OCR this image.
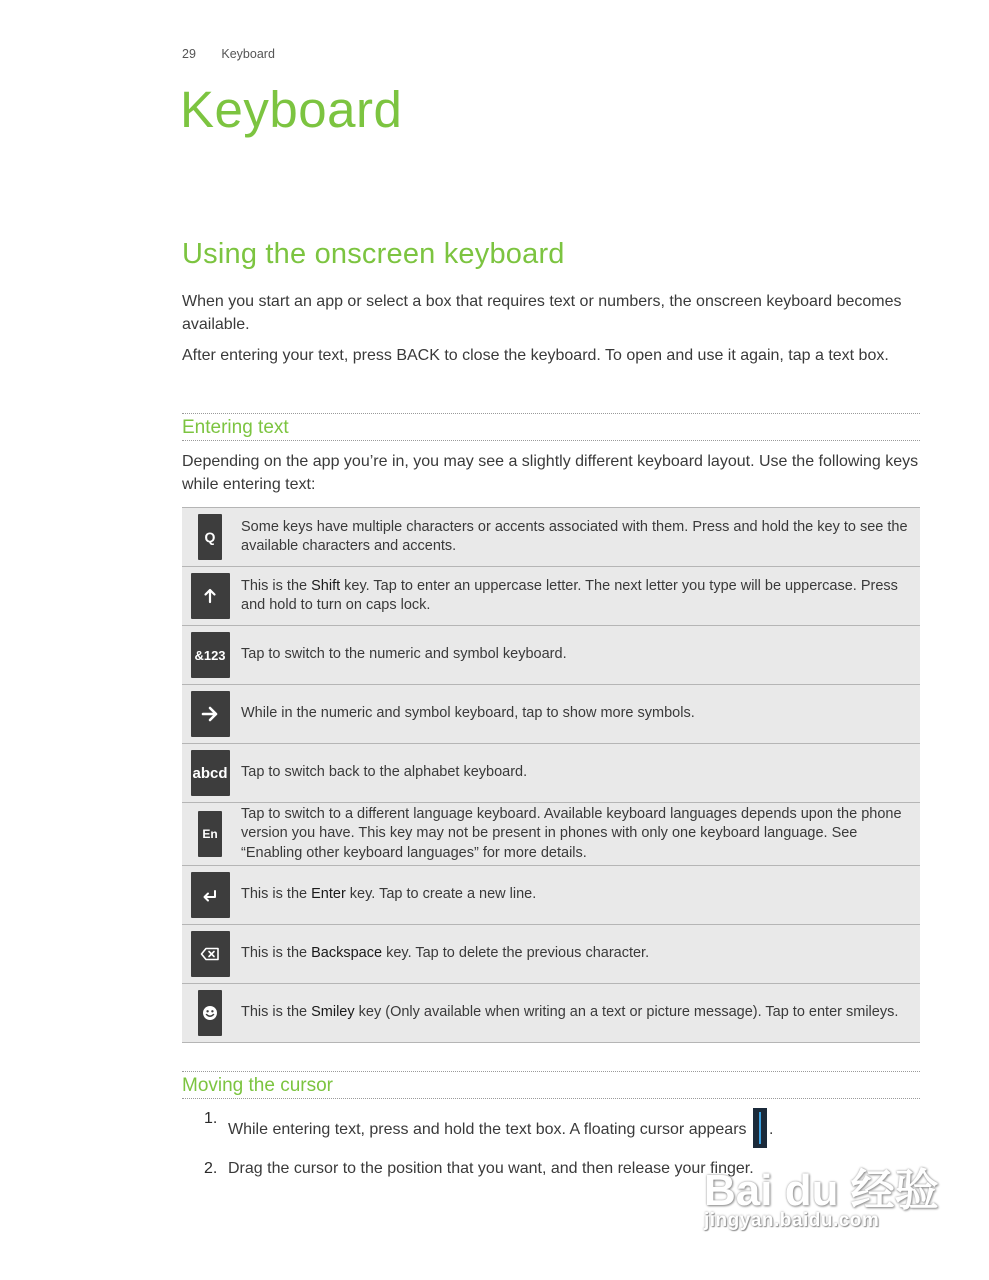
29 Keyboard
Keyboard
Using the onscreen keyboard

When you start an app or select a box that requires text or numbers, the onscreen keyboard becomes available.

After entering your text, press BACK to close the keyboard. To open and use it again, tap a text box.

Entering text

Depending on the app you’re in, you may see a slightly different keyboard layout. Use the following keys while entering text:

Q
Some keys have multiple characters or accents associated with them. Press and hold the key to see the available characters and accents.
This is the Shift key. Tap to enter an uppercase letter. The next letter you type will be uppercase. Press and hold to turn on caps lock.
&123 Tap to switch to the numeric and symbol keyboard.
While in the numeric and symbol keyboard, tap to show more symbols.
abcd Tap to switch back to the alphabet keyboard.
En
Tap to switch to a different language keyboard. Available keyboard languages depends upon the phone version you have. This key may not be present in phones with only one keyboard language. See “Enabling other keyboard languages” for more details.
This is the Enter key. Tap to create a new line.
This is the Backspace key. Tap to delete the previous character.
This is the Smiley key (Only available when writing an a text or picture message). Tap to enter smileys.
Moving the cursor
1.
While entering text, press and hold the text box. A floating cursor appears .
2. Drag the cursor to the position that you want, and then release your finger.
Bai du 经验
jingyan.baidu.com
